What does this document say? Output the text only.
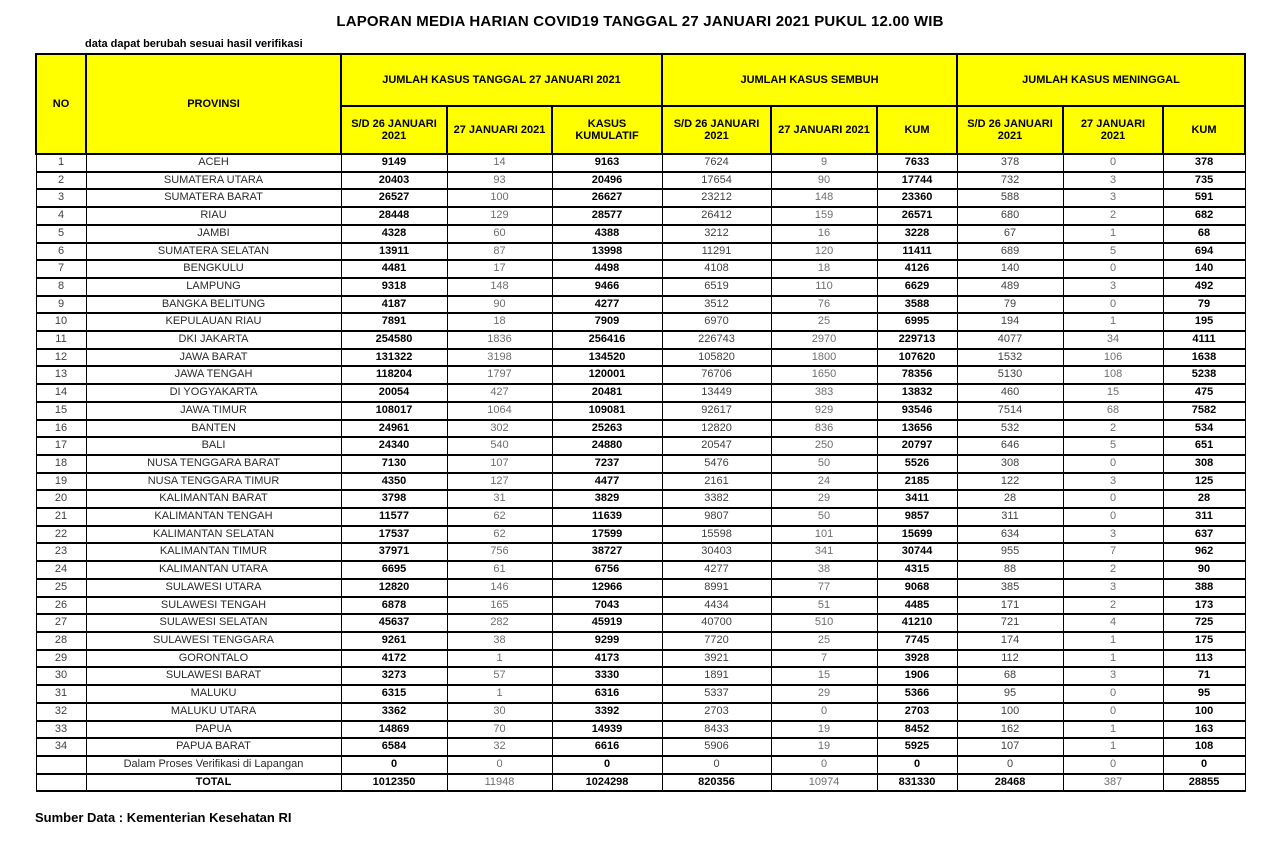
LAPORAN MEDIA HARIAN COVID19 TANGGAL 27 JANUARI 2021 PUKUL 12.00 WIB
data dapat berubah sesuai hasil verifikasi
NO	PROVINSI	JUMLAH KASUS TANGGAL 27 JANUARI 2021			JUMLAH KASUS SEMBUH			JUMLAH KASUS MENINGGAL		
		S/D 26 JANUARI 2021	27 JANUARI 2021	KASUS KUMULATIF	S/D 26 JANUARI 2021	27 JANUARI 2021	KUM	S/D 26 JANUARI 2021	27 JANUARI 2021	KUM
1	ACEH	9149	14	9163	7624	9	7633	378	0	378
2	SUMATERA UTARA	20403	93	20496	17654	90	17744	732	3	735
3	SUMATERA BARAT	26527	100	26627	23212	148	23360	588	3	591
4	RIAU	28448	129	28577	26412	159	26571	680	2	682
5	JAMBI	4328	60	4388	3212	16	3228	67	1	68
6	SUMATERA SELATAN	13911	87	13998	11291	120	11411	689	5	694
7	BENGKULU	4481	17	4498	4108	18	4126	140	0	140
8	LAMPUNG	9318	148	9466	6519	110	6629	489	3	492
9	BANGKA BELITUNG	4187	90	4277	3512	76	3588	79	0	79
10	KEPULAUAN RIAU	7891	18	7909	6970	25	6995	194	1	195
11	DKI JAKARTA	254580	1836	256416	226743	2970	229713	4077	34	4111
12	JAWA BARAT	131322	3198	134520	105820	1800	107620	1532	106	1638
13	JAWA TENGAH	118204	1797	120001	76706	1650	78356	5130	108	5238
14	DI YOGYAKARTA	20054	427	20481	13449	383	13832	460	15	475
15	JAWA TIMUR	108017	1064	109081	92617	929	93546	7514	68	7582
16	BANTEN	24961	302	25263	12820	836	13656	532	2	534
17	BALI	24340	540	24880	20547	250	20797	646	5	651
18	NUSA TENGGARA BARAT	7130	107	7237	5476	50	5526	308	0	308
19	NUSA TENGGARA TIMUR	4350	127	4477	2161	24	2185	122	3	125
20	KALIMANTAN BARAT	3798	31	3829	3382	29	3411	28	0	28
21	KALIMANTAN TENGAH	11577	62	11639	9807	50	9857	311	0	311
22	KALIMANTAN SELATAN	17537	62	17599	15598	101	15699	634	3	637
23	KALIMANTAN TIMUR	37971	756	38727	30403	341	30744	955	7	962
24	KALIMANTAN UTARA	6695	61	6756	4277	38	4315	88	2	90
25	SULAWESI UTARA	12820	146	12966	8991	77	9068	385	3	388
26	SULAWESI TENGAH	6878	165	7043	4434	51	4485	171	2	173
27	SULAWESI SELATAN	45637	282	45919	40700	510	41210	721	4	725
28	SULAWESI TENGGARA	9261	38	9299	7720	25	7745	174	1	175
29	GORONTALO	4172	1	4173	3921	7	3928	112	1	113
30	SULAWESI BARAT	3273	57	3330	1891	15	1906	68	3	71
31	MALUKU	6315	1	6316	5337	29	5366	95	0	95
32	MALUKU UTARA	3362	30	3392	2703	0	2703	100	0	100
33	PAPUA	14869	70	14939	8433	19	8452	162	1	163
34	PAPUA BARAT	6584	32	6616	5906	19	5925	107	1	108
	Dalam Proses Verifikasi di Lapangan	0	0	0	0	0	0	0	0	0
	TOTAL	1012350	11948	1024298	820356	10974	831330	28468	387	28855
Sumber Data : Kementerian Kesehatan RI
